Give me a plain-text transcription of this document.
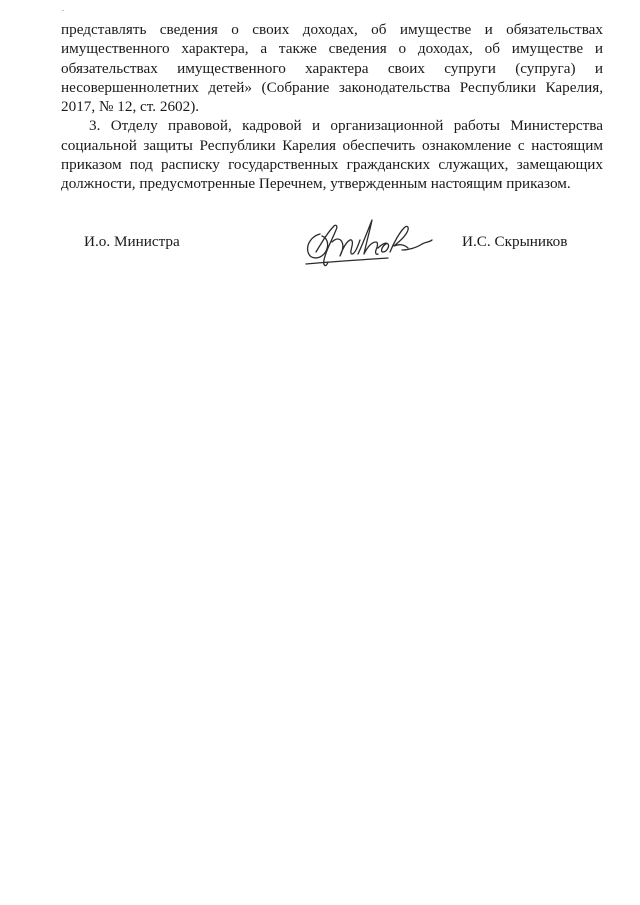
представлять сведения о своих доходах, об имуществе и обязательствах
имущественного характера, а также сведения о доходах, об имуществе и
обязательствах имущественного характера своих супруги (супруга) и
несовершеннолетних детей» (Собрание законодательства Республики Карелия,
2017, № 12, ст. 2602).

3. Отделу правовой, кадровой и организационной работы Министерства
социальной защиты Республики Карелия обеспечить ознакомление с настоящим
приказом под расписку государственных гражданских служащих, замещающих
должности, предусмотренные Перечнем, утвержденным настоящим приказом.

И.о. Министра	И.С. Скрыников
